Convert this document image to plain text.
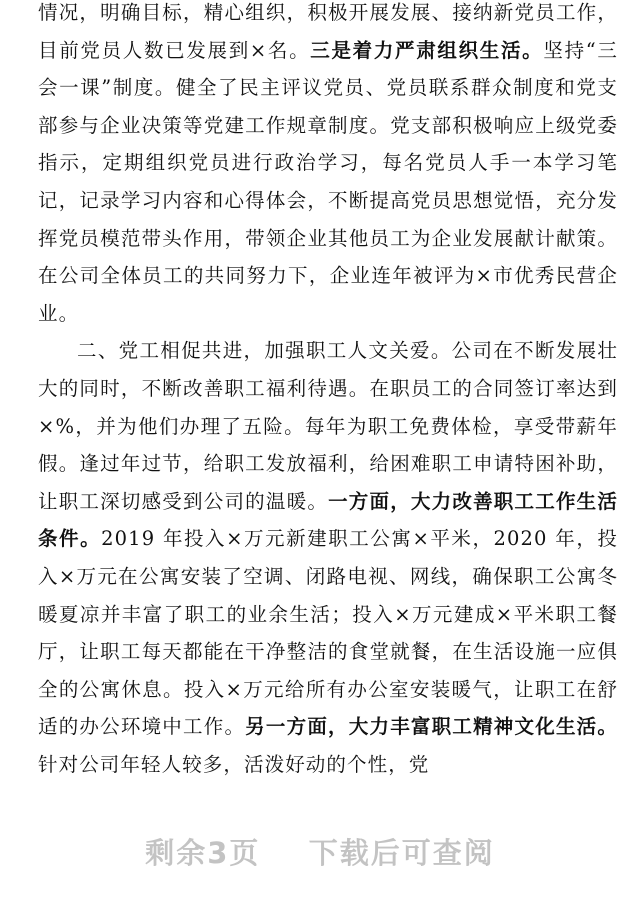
情况，明确目标，精心组织，积极开展发展、接纳新党员工作，目前党员人数已发展到×名。三是着力严肃组织生活。坚持“三会一课”制度。健全了民主评议党员、党员联系群众制度和党支部参与企业决策等党建工作规章制度。党支部积极响应上级党委指示，定期组织党员进行政治学习，每名党员人手一本学习笔记，记录学习内容和心得体会，不断提高党员思想觉悟，充分发挥党员模范带头作用，带领企业其他员工为企业发展献计献策。在公司全体员工的共同努力下，企业连年被评为×市优秀民营企业。

二、党工相促共进，加强职工人文关爱。公司在不断发展壮大的同时，不断改善职工福利待遇。在职员工的合同签订率达到×%，并为他们办理了五险。每年为职工免费体检，享受带薪年假。逢过年过节，给职工发放福利，给困难职工申请特困补助，让职工深切感受到公司的温暖。一方面，大力改善职工工作生活条件。2019 年投入×万元新建职工公寓×平米，2020 年，投入×万元在公寓安装了空调、闭路电视、网线，确保职工公寓冬暖夏凉并丰富了职工的业余生活；投入×万元建成×平米职工餐厅，让职工每天都能在干净整洁的食堂就餐，在生活设施一应俱全的公寓休息。投入×万元给所有办公室安装暖气，让职工在舒适的办公环境中工作。另一方面，大力丰富职工精神文化生活。针对公司年轻人较多，活泼好动的个性，党

剩余3页    下载后可查阅
